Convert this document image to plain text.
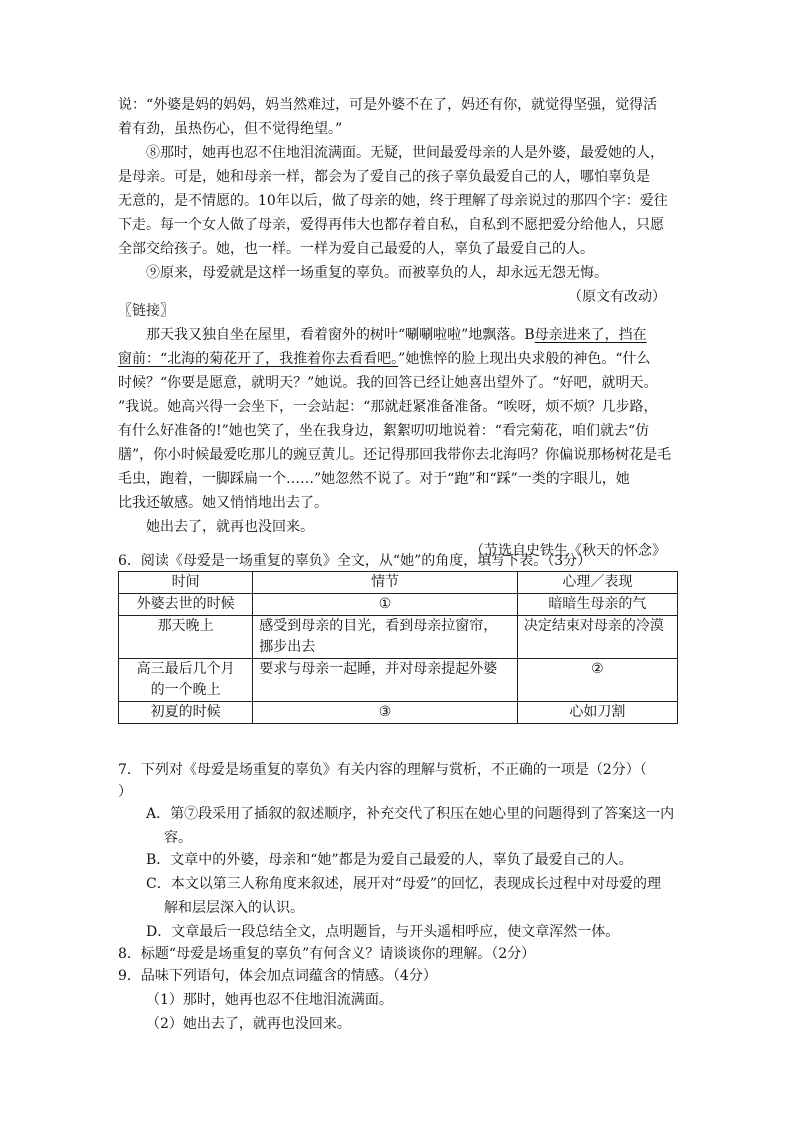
说：“外婆是妈的妈妈，妈当然难过，可是外婆不在了，妈还有你，就觉得坚强，觉得活
着有劲，虽热伤心，但不觉得绝望。”
⑧那时，她再也忍不住地泪流满面。无疑，世间最爱母亲的人是外婆，最爱她的人，
是母亲。可是，她和母亲一样，都会为了爱自己的孩子辜负最爱自己的人，哪怕辜负是
无意的，是不情愿的。10年以后，做了母亲的她，终于理解了母亲说过的那四个字：爱往
下走。每一个女人做了母亲，爱得再伟大也都存着自私，自私到不愿把爱分给他人，只愿
全部交给孩子。她，也一样。一样为爱自己最爱的人，辜负了最爱自己的人。
⑨原来，母爱就是这样一场重复的辜负。而被辜负的人，却永远无怨无悔。
（原文有改动）
〖链接〗
那天我又独自坐在屋里，看着窗外的树叶“唰唰啦啦”地飘落。B母亲进来了，挡在
窗前：“北海的菊花开了，我推着你去看看吧。”她憔悴的脸上现出央求般的神色。“什么
时候？“你要是愿意，就明天？”她说。我的回答已经让她喜出望外了。“好吧，就明天。
”我说。她高兴得一会坐下，一会站起：“那就赶紧准备准备。“唉呀，烦不烦？几步路，
有什么好准备的!”她也笑了，坐在我身边，絮絮叨叨地说着：“看完菊花，咱们就去“仿
膳”，你小时候最爱吃那儿的豌豆黄儿。还记得那回我带你去北海吗？你偏说那杨树花是毛
毛虫，跑着，一脚踩扁一个……”她忽然不说了。对于“跑”和“踩”一类的字眼儿，她
比我还敏感。她又悄悄地出去了。
她出去了，就再也没回来。
（节选自史铁生《秋天的怀念》
6．阅读《母爱是一场重复的辜负》全文，从“她”的角度，填写下表。（3分）
时间	情节	心理／表现
外婆去世的时候	①	暗暗生母亲的气
那天晚上	感受到母亲的目光，看到母亲拉窗帘，
挪步出去	决定结束对母亲的冷漠
高三最后几个月
的一个晚上	要求与母亲一起睡，并对母亲提起外婆	②
初夏的时候	③	心如刀割
7．下列对《母爱是场重复的辜负》有关内容的理解与赏析，不正确的一项是（2分）（
）
A．第⑦段采用了插叙的叙述顺序，补充交代了积压在她心里的问题得到了答案这一内
容。
B．文章中的外婆，母亲和“她”都是为爱自己最爱的人，辜负了最爱自己的人。
C．本文以第三人称角度来叙述，展开对“母爱”的回忆，表现成长过程中对母爱的理
解和层层深入的认识。
D．文章最后一段总结全文，点明题旨，与开头遥相呼应，使文章浑然一体。
8．标题“母爱是场重复的辜负”有何含义？请谈谈你的理解。（2分）
9．品味下列语句，体会加点词蕴含的情感。（4分）
（1）那时，她再也忍不住地泪流满面。
（2）她出去了，就再也没回来。
